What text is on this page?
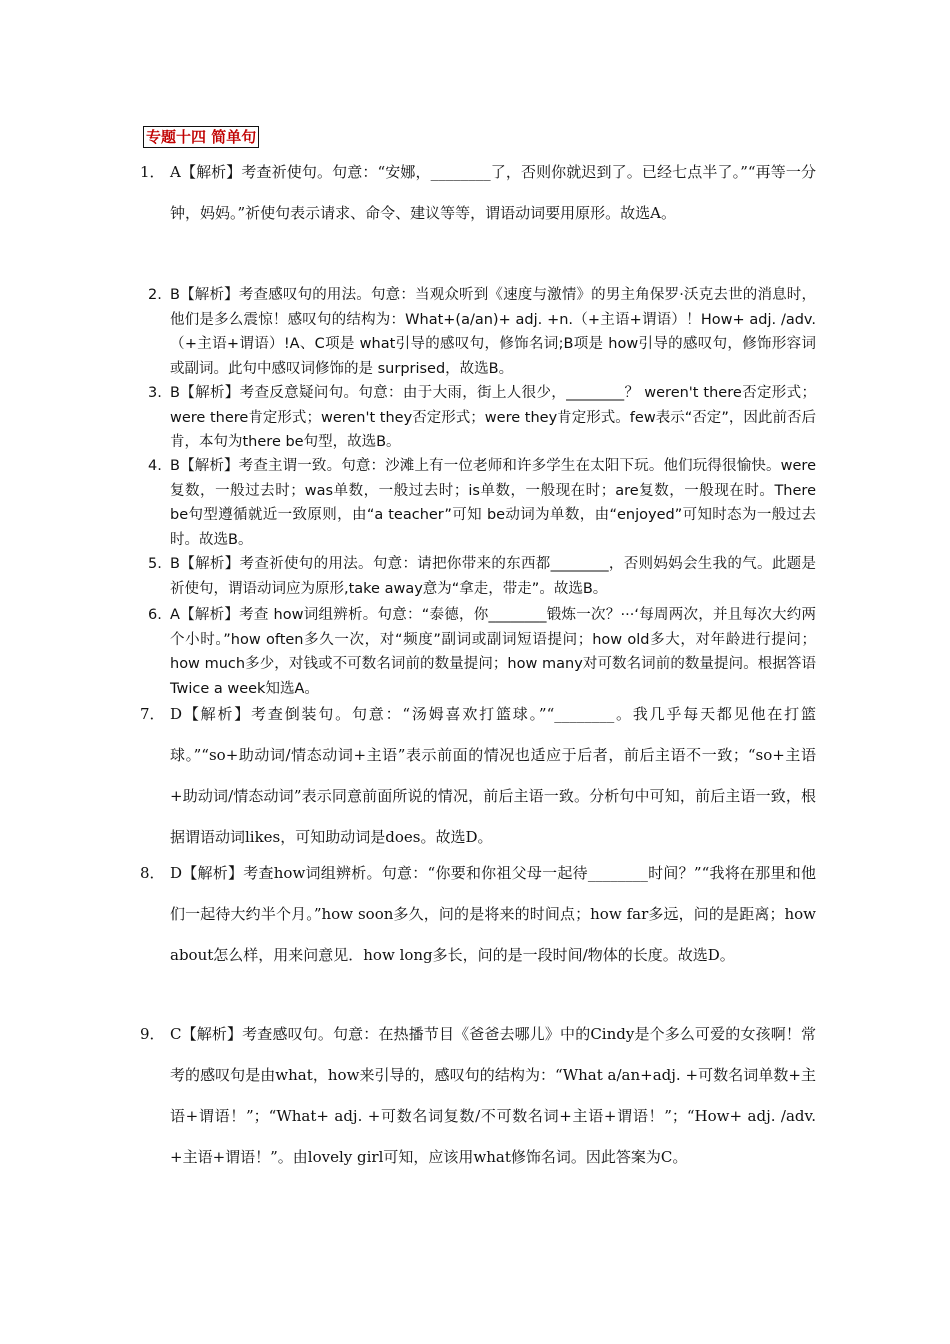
专题十四 简单句
1． A【解析】考查祈使句。句意：“安娜，________了，否则你就迟到了。已经七点半了。”“再等一分钟，妈妈。”祈使句表示请求、命令、建议等等，谓语动词要用原形。故选A。

2. B【解析】考查感叹句的用法。句意：当观众听到《速度与激情》的男主角保罗·沃克去世的消息时，他们是多么震惊！感叹句的结构为：What+(a/an)+ adj. +n.（+主语+谓语）！How+ adj. /adv.（+主语+谓语）!A、C项是 what引导的感叹句，修饰名词;B项是 how引导的感叹句，修饰形容词或副词。此句中感叹词修饰的是 surprised，故选B。

3. B【解析】考查反意疑问句。句意：由于大雨，街上人很少，________？ weren't there否定形式；were there肯定形式；weren't they否定形式；were they肯定形式。few表示“否定”，因此前否后肯，本句为there be句型，故选B。

4. B【解析】考查主谓一致。句意：沙滩上有一位老师和许多学生在太阳下玩。他们玩得很愉快。were复数，一般过去时；was单数，一般过去时；is单数，一般现在时；are复数，一般现在时。There be句型遵循就近一致原则，由“a teacher”可知 be动词为单数，由“enjoyed”可知时态为一般过去时。故选B。

5. B【解析】考查祈使句的用法。句意：请把你带来的东西都________，否则妈妈会生我的气。此题是祈使句，谓语动词应为原形,take away意为“拿走，带走”。故选B。

6. A【解析】考查 how词组辨析。句意：“泰德，你________锻炼一次？···‘每周两次，并且每次大约两个小时。”how often多久一次，对“频度”副词或副词短语提问；how old多大，对年龄进行提问；how much多少，对钱或不可数名词前的数量提问；how many对可数名词前的数量提问。根据答语 Twice a week知选A。

7． D【解析】考查倒装句。句意：“汤姆喜欢打篮球。”“________。我几乎每天都见他在打篮球。”“so+助动词/情态动词+主语”表示前面的情况也适应于后者，前后主语不一致；“so+主语+助动词/情态动词”表示同意前面所说的情况，前后主语一致。分析句中可知，前后主语一致，根据谓语动词likes，可知助动词是does。故选D。

8． D【解析】考查how词组辨析。句意：“你要和你祖父母一起待________时间？”“我将在那里和他们一起待大约半个月。”how soon多久，问的是将来的时间点；how far多远，问的是距离；how about怎么样，用来问意见．how long多长，问的是一段时间/物体的长度。故选D。

9． C【解析】考查感叹句。句意：在热播节目《爸爸去哪儿》中的Cindy是个多么可爱的女孩啊！常考的感叹句是由what，how来引导的，感叹句的结构为：“What a/an+adj. +可数名词单数+主语+谓语！”；“What+ adj. +可数名词复数/不可数名词+主语+谓语！”；“How+ adj. /adv. +主语+谓语！”。由lovely girl可知，应该用what修饰名词。因此答案为C。
